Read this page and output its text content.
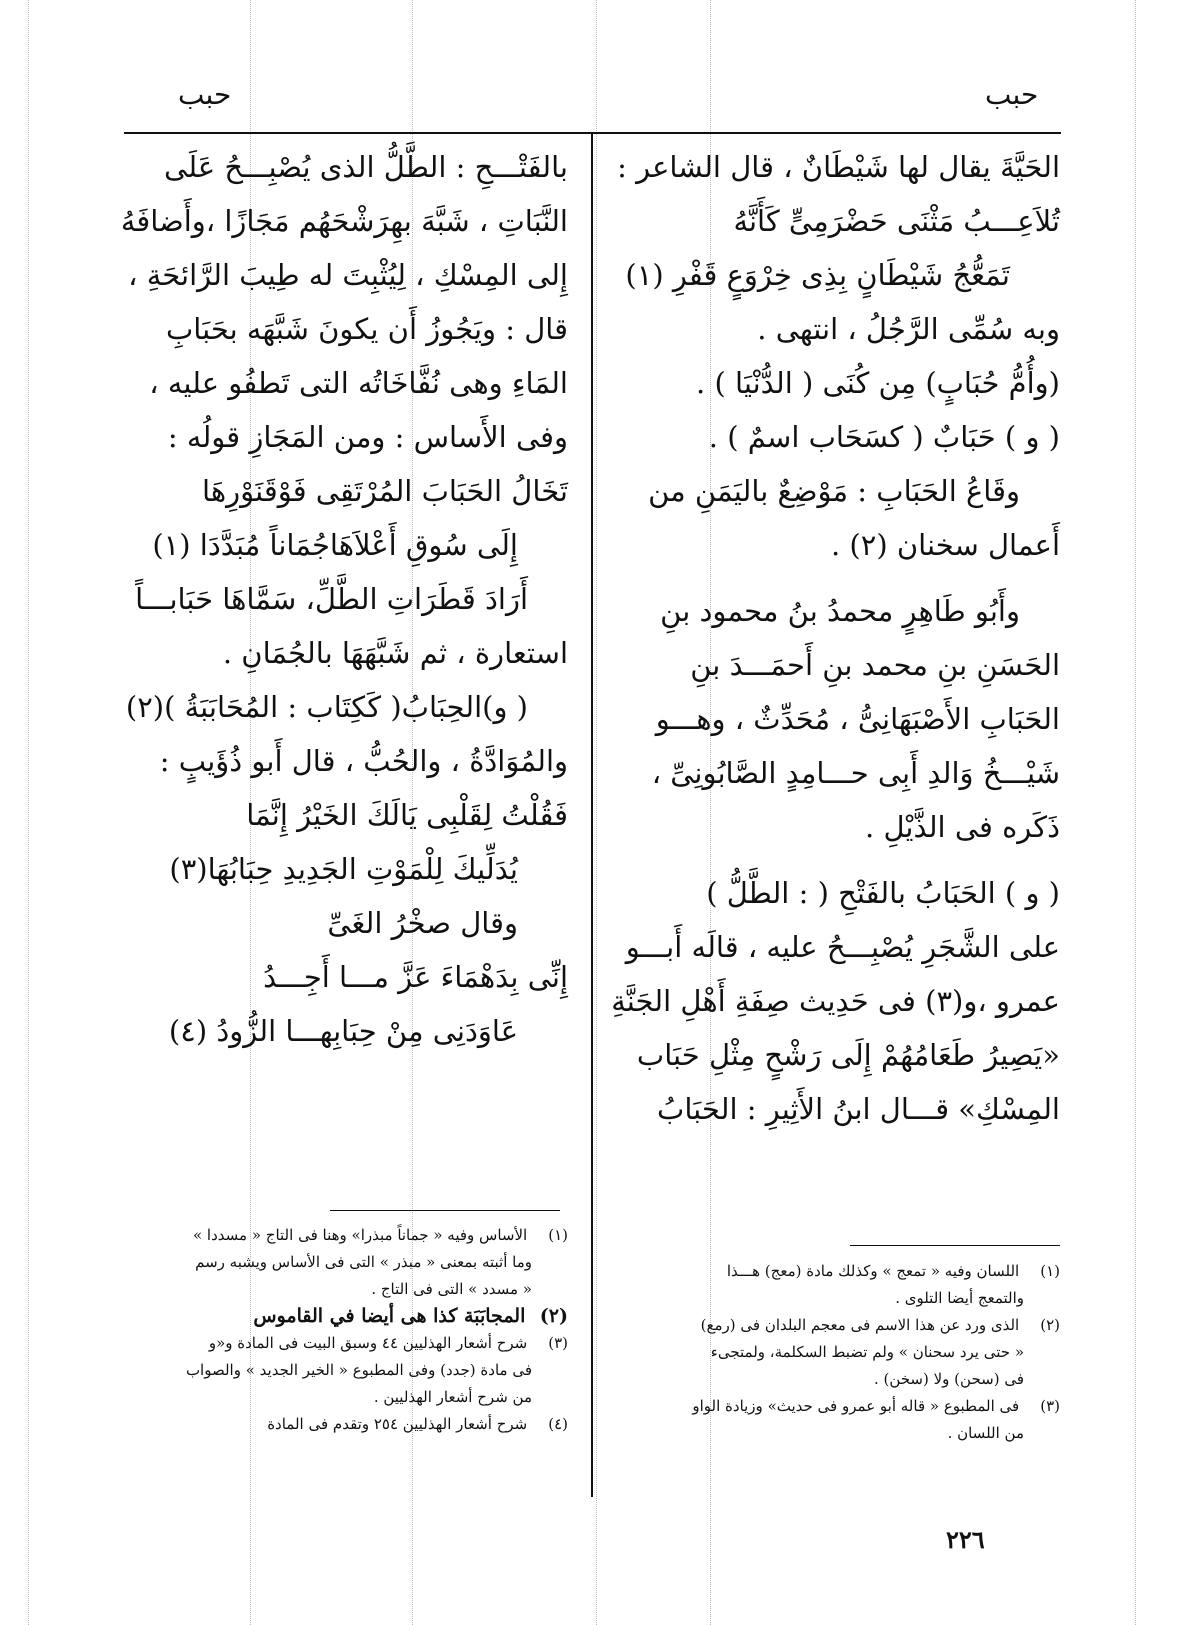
حبب
حبب
الحَيَّةَ يقال لها شَيْطَانٌ ، قال الشاعر :
تُلاَعِـــبُ مَثْنَى حَضْرَمِىٍّ كَأَنَّهُ
تَمَعُّجُ شَيْطَانٍ بِذِى خِرْوَعٍ قَفْرِ (١)
وبه سُمِّى الرَّجُلُ ، انتهى .
(وأُمُّ حُبَابٍ) مِن كُنَى ( الدُّنْيَا ) .
( و ) حَبَابٌ ( كسَحَاب اسمٌ ) .
وقَاعُ الحَبَابِ : مَوْضِعٌ باليَمَنِ من
أَعمال سخنان (٢) .
وأَبُو طَاهِرٍ محمدُ بنُ محمود بنِ
الحَسَنِ بنِ محمد بنِ أَحمَـــدَ بنِ
الحَبَابِ الأَصْبَهَانِىُّ ، مُحَدِّثٌ ، وهـــو
شَيْـــخُ وَالدِ أَبِى حـــامِدٍ الصَّابُونِىِّ ،
ذَكَره فى الذَّيْلِ .
( و ) الحَبَابُ بالفَتْحِ ( : الطَّلُّ )
على الشَّجَرِ يُصْبِـــحُ عليه ، قالَه أَبـــو
عمرو ،و(٣) فى حَدِيث صِفَةِ أَهْلِ الجَنَّةِ
«يَصِيرُ طَعَامُهُمْ إِلَى رَشْحٍ مِثْلِ حَبَاب
المِسْكِ» قـــال ابنُ الأَثِيرِ : الحَبَابُ
بالفَتْـــحِ : الطَّلُّ الذى يُصْبِـــحُ عَلَى
النَّبَاتِ ، شَبَّهَ بهِرَشْحَهُم مَجَازًا ،وأَضافَهُ
إِلى المِسْكِ ، لِيُثْبِتَ له طِيبَ الرَّائحَةِ ،
قال : ويَجُوزُ أَن يكونَ شَبَّهَه بحَبَابِ
المَاءِ وهى نُفَّاخَاتُه التى تَطفُو عليه ،
وفى الأَساس : ومن المَجَازِ قولُه :
تَخَالُ الحَبَابَ المُرْتَقِى فَوْقَنَوْرِهَا
إِلَى سُوقِ أَعْلاَهَاجُمَاناً مُبَدَّدَا (١)
أَرَادَ قَطَرَاتِ الطَّلِّ، سَمَّاهَا حَبَابـــاً
استعارة ، ثم شَبَّهَهَا بالجُمَانِ .
( و)الحِبَابُ( كَكِتَاب : المُحَابَبَةُ )(٢)
والمُوَادَّةُ ، والحُبُّ ، قال أَبو ذُؤَيبٍ :
فَقُلْتُ لِقَلْبِى يَالَكَ الخَيْرُ إِنَّمَا
يُدَلِّيكَ لِلْمَوْتِ الجَدِيدِ حِبَابُهَا(٣)
وقال صخْرُ الغَىِّ
إِنِّى بِدَهْمَاءَ عَزَّ مـــا أَجِـــدُ
عَاوَدَنِى مِنْ حِبَابِهـــا الزُّودُ (٤)
(١) اللسان وفيه « تمعج » وكذلك مادة (معج) هـــذا
والتمعج أيضا التلوى .
(٢) الذى ورد عن هذا الاسم فى معجم البلدان فى (رمع)
« حتى يرد سحنان » ولم تضبط السكلمة، ولمتجىء
فى (سحن) ولا (سخن) .
(٣) فى المطبوع « قاله أبو عمرو فى حديث» وزيادة الواو
من اللسان .
(١) الأساس وفيه « جماناً مبذرا» وهنا فى التاج « مسددا »
وما أثبته بمعنى « مبذر » التى فى الأساس ويشبه رسم
« مسدد » التى فى التاج .
(٢) المجابَبَة كذا هى أيضا في القاموس
(٣) شرح أشعار الهذليين ٤٤ وسبق البيت فى المادة و«و
فى مادة (جدد) وفى المطبوع « الخير الجديد » والصواب
من شرح أشعار الهذليين .
(٤) شرح أشعار الهذليين ٢٥٤ وتقدم فى المادة
٢٢٦
